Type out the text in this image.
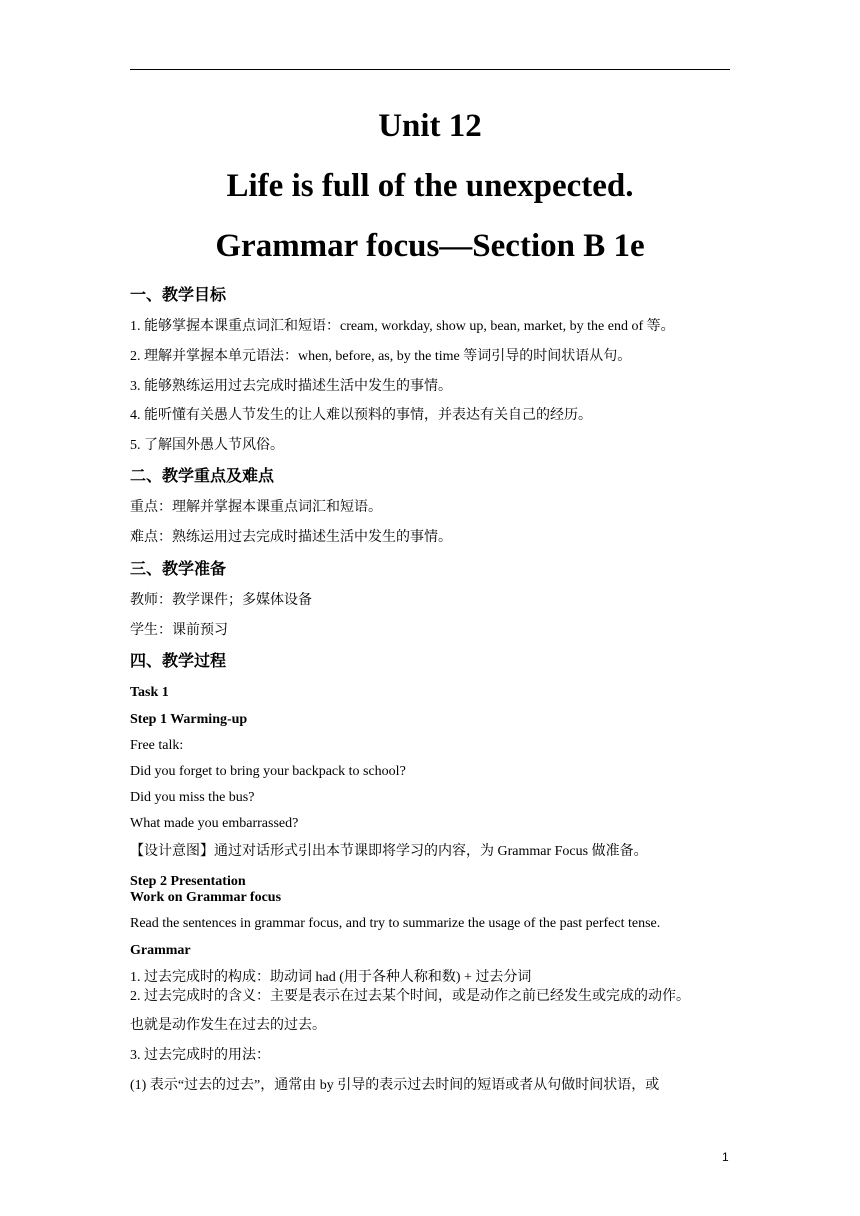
Unit 12
Life is full of the unexpected.
Grammar focus—Section B 1e
一、教学目标
1. 能够掌握本课重点词汇和短语：cream, workday, show up, bean, market, by the end of 等。
2. 理解并掌握本单元语法：when, before, as, by the time 等词引导的时间状语从句。
3. 能够熟练运用过去完成时描述生活中发生的事情。
4. 能听懂有关愚人节发生的让人难以预料的事情，并表达有关自己的经历。
5. 了解国外愚人节风俗。
二、教学重点及难点
重点：理解并掌握本课重点词汇和短语。
难点：熟练运用过去完成时描述生活中发生的事情。
三、教学准备
教师：教学课件；多媒体设备
学生：课前预习
四、教学过程
Task 1
Step 1 Warming-up
Free talk:
Did you forget to bring your backpack to school?
Did you miss the bus?
What made you embarrassed?
【设计意图】通过对话形式引出本节课即将学习的内容，为 Grammar Focus 做准备。
Step 2 Presentation
Work on Grammar focus
Read the sentences in grammar focus, and try to summarize the usage of the past perfect tense.
Grammar
1. 过去完成时的构成：助动词 had (用于各种人称和数) + 过去分词
2. 过去完成时的含义：主要是表示在过去某个时间，或是动作之前已经发生或完成的动作。
也就是动作发生在过去的过去。
3. 过去完成时的用法：
(1) 表示“过去的过去”，通常由 by 引导的表示过去时间的短语或者从句做时间状语，或
1
